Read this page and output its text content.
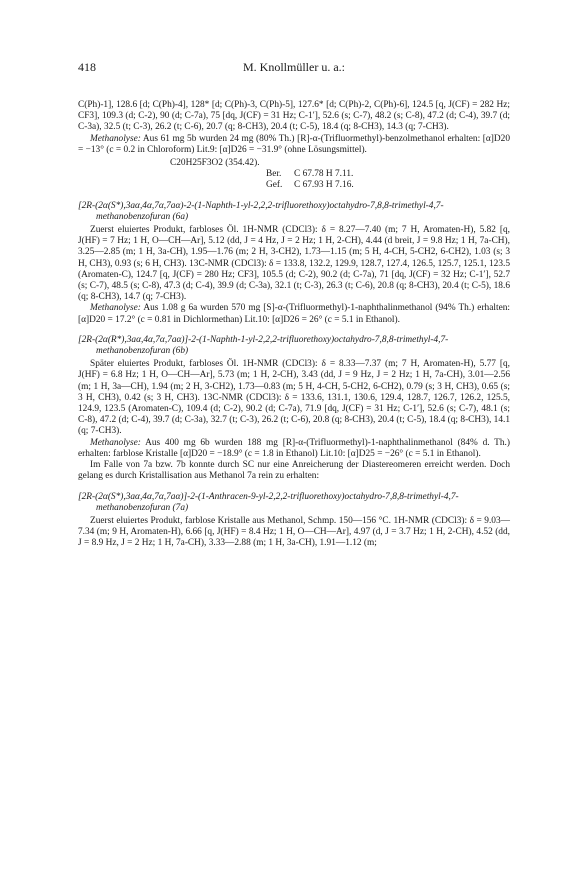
418	M. Knollmüller u. a.:

C(Ph)-1], 128.6 [d; C(Ph)-4], 128* [d; C(Ph)-3, C(Ph)-5], 127.6* [d; C(Ph)-2, C(Ph)-6], 124.5 [q, J(CF) = 282 Hz; CF3], 109.3 (d; C-2), 90 (d; C-7a), 75 [dq, J(CF) = 31 Hz; C-1′], 52.6 (s; C-7), 48.2 (s; C-8), 47.2 (d; C-4), 39.7 (d; C-3a), 32.5 (t; C-3), 26.2 (t; C-6), 20.7 (q; 8-CH3), 20.4 (t; C-5), 18.4 (q; 8-CH3), 14.3 (q; 7-CH3).

Methanolyse: Aus 61 mg 5b wurden 24 mg (80% Th.) [R]-α-(Trifluormethyl)-benzolmethanol erhalten: [α]D20 = −13° (c = 0.2 in Chloroform) Lit.9: [α]D26 = −31.9° (ohne Lösungsmittel).

C20H25F3O2 (354.42).
Ber.	C 67.78 H 7.11.
Gef.	C 67.93 H 7.16.

[2R-(2α(S*),3aα,4α,7α,7aα)-2-(1-Naphth-1-yl-2,2,2-trifluorethoxy)octahydro-7,8,8-trimethyl-4,7-methanobenzofuran (6a)

Zuerst eluiertes Produkt, farbloses Öl. 1H-NMR (CDCl3): δ = 8.27—7.40 (m; 7 H, Aromaten-H), 5.82 [q, J(HF) = 7 Hz; 1 H, O—CH—Ar], 5.12 (dd, J = 4 Hz, J = 2 Hz; 1 H, 2-CH), 4.44 (d breit, J = 9.8 Hz; 1 H, 7a-CH), 3.25—2.85 (m; 1 H, 3a-CH), 1.95—1.76 (m; 2 H, 3-CH2), 1.73—1.15 (m; 5 H, 4-CH, 5-CH2, 6-CH2), 1.03 (s; 3 H, CH3), 0.93 (s; 6 H, CH3). 13C-NMR (CDCl3): δ = 133.8, 132.2, 129.9, 128.7, 127.4, 126.5, 125.7, 125.1, 123.5 (Aromaten-C), 124.7 [q, J(CF) = 280 Hz; CF3], 105.5 (d; C-2), 90.2 (d; C-7a), 71 [dq, J(CF) = 32 Hz; C-1′], 52.7 (s; C-7), 48.5 (s; C-8), 47.3 (d; C-4), 39.9 (d; C-3a), 32.1 (t; C-3), 26.3 (t; C-6), 20.8 (q; 8-CH3), 20.4 (t; C-5), 18.6 (q; 8-CH3), 14.7 (q; 7-CH3).

Methanolyse: Aus 1.08 g 6a wurden 570 mg [S]-α-(Trifluormethyl)-1-naphthalinmethanol (94% Th.) erhalten: [α]D20 = 17.2° (c = 0.81 in Dichlormethan) Lit.10: [α]D26 = 26° (c = 5.1 in Ethanol).

[2R-(2α(R*),3aα,4α,7α,7aα)]-2-(1-Naphth-1-yl-2,2,2-trifluorethoxy)octahydro-7,8,8-trimethyl-4,7-methanobenzofuran (6b)

Später eluiertes Produkt, farbloses Öl. 1H-NMR (CDCl3): δ = 8.33—7.37 (m; 7 H, Aromaten-H), 5.77 [q, J(HF) = 6.8 Hz; 1 H, O—CH—Ar], 5.73 (m; 1 H, 2-CH), 3.43 (dd, J = 9 Hz, J = 2 Hz; 1 H, 7a-CH), 3.01—2.56 (m; 1 H, 3a—CH), 1.94 (m; 2 H, 3-CH2), 1.73—0.83 (m; 5 H, 4-CH, 5-CH2, 6-CH2), 0.79 (s; 3 H, CH3), 0.65 (s; 3 H, CH3), 0.42 (s; 3 H, CH3). 13C-NMR (CDCl3): δ = 133.6, 131.1, 130.6, 129.4, 128.7, 126.7, 126.2, 125.5, 124.9, 123.5 (Aromaten-C), 109.4 (d; C-2), 90.2 (d; C-7a), 71.9 [dq, J(CF) = 31 Hz; C-1′], 52.6 (s; C-7), 48.1 (s; C-8), 47.2 (d; C-4), 39.7 (d; C-3a), 32.7 (t; C-3), 26.2 (t; C-6), 20.8 (q; 8-CH3), 20.4 (t; C-5), 18.4 (q; 8-CH3), 14.1 (q; 7-CH3).

Methanolyse: Aus 400 mg 6b wurden 188 mg [R]-α-(Trifluormethyl)-1-naphthalinmethanol (84% d. Th.) erhalten: farblose Kristalle [α]D20 = −18.9° (c = 1.8 in Ethanol) Lit.10: [α]D25 = −26° (c = 5.1 in Ethanol).

Im Falle von 7a bzw. 7b konnte durch SC nur eine Anreicherung der Diastereomeren erreicht werden. Doch gelang es durch Kristallisation aus Methanol 7a rein zu erhalten:

[2R-(2α(S*),3aα,4α,7α,7aα)]-2-(1-Anthracen-9-yl-2,2,2-trifluorethoxy)octahydro-7,8,8-trimethyl-4,7-methanobenzofuran (7a)

Zuerst eluiertes Produkt, farblose Kristalle aus Methanol, Schmp. 150—156 °C. 1H-NMR (CDCl3): δ = 9.03—7.34 (m; 9 H, Aromaten-H), 6.66 [q, J(HF) = 8.4 Hz; 1 H, O—CH—Ar], 4.97 (d, J = 3.7 Hz; 1 H, 2-CH), 4.52 (dd, J = 8.9 Hz, J = 2 Hz; 1 H, 7a-CH), 3.33—2.88 (m; 1 H, 3a-CH), 1.91—1.12 (m;
